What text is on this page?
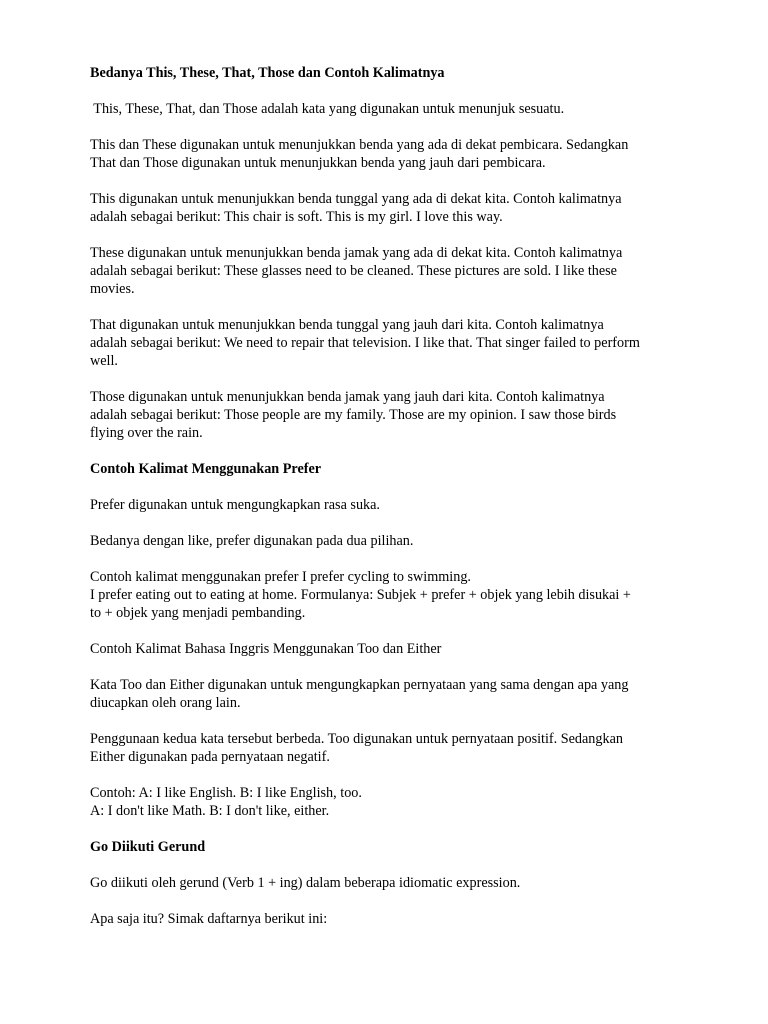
Bedanya This, These, That, Those dan Contoh Kalimatnya
This, These, That, dan Those adalah kata yang digunakan untuk menunjuk sesuatu.
This dan These digunakan untuk menunjukkan benda yang ada di dekat pembicara. Sedangkan
That dan Those digunakan untuk menunjukkan benda yang jauh dari pembicara.
This digunakan untuk menunjukkan benda tunggal yang ada di dekat kita. Contoh kalimatnya
adalah sebagai berikut: This chair is soft. This is my girl. I love this way.
These digunakan untuk menunjukkan benda jamak yang ada di dekat kita. Contoh kalimatnya
adalah sebagai berikut: These glasses need to be cleaned. These pictures are sold. I like these
movies.
That digunakan untuk menunjukkan benda tunggal yang jauh dari kita. Contoh kalimatnya
adalah sebagai berikut: We need to repair that television. I like that. That singer failed to perform
well.
Those digunakan untuk menunjukkan benda jamak yang jauh dari kita. Contoh kalimatnya
adalah sebagai berikut: Those people are my family. Those are my opinion. I saw those birds
flying over the rain.
Contoh Kalimat Menggunakan Prefer
Prefer digunakan untuk mengungkapkan rasa suka.
Bedanya dengan like, prefer digunakan pada dua pilihan.
Contoh kalimat menggunakan prefer I prefer cycling to swimming.
I prefer eating out to eating at home. Formulanya: Subjek + prefer + objek yang lebih disukai +
to + objek yang menjadi pembanding.
Contoh Kalimat Bahasa Inggris Menggunakan Too dan Either
Kata Too dan Either digunakan untuk mengungkapkan pernyataan yang sama dengan apa yang
diucapkan oleh orang lain.
Penggunaan kedua kata tersebut berbeda. Too digunakan untuk pernyataan positif. Sedangkan
Either digunakan pada pernyataan negatif.
Contoh: A: I like English. B: I like English, too.
A: I don't like Math. B: I don't like, either.
Go Diikuti Gerund
Go diikuti oleh gerund (Verb 1 + ing) dalam beberapa idiomatic expression.
Apa saja itu? Simak daftarnya berikut ini:
